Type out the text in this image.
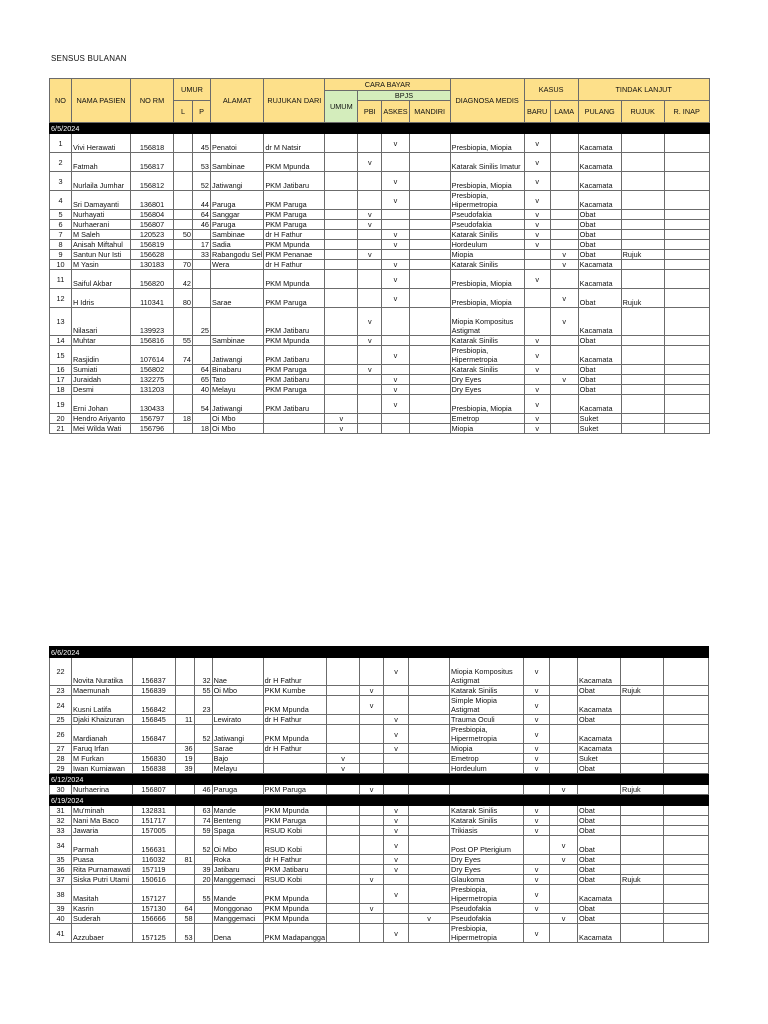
SENSUS BULANAN
NO	NAMA PASIEN	NO RM	UMUR		ALAMAT	RUJUKAN DARI	CARA BAYAR				DIAGNOSA MEDIS	KASUS		TINDAK LANJUT		
							UMUM	BPJS								
			L	P				PBI	ASKES	MANDIRI		BARU	LAMA	PULANG	RUJUK	R. INAP
6/5/2024																
1	Vivi Herawati	156818		45	Penatoi	dr M Natsir			v		Presbiopia, Miopia	v		Kacamata		
2	Fatmah	156817		53	Sambinae	PKM Mpunda		v			Katarak Sinilis Imatur	v		Kacamata		
3	Nurlaila Jumhar	156812		52	Jatiwangi	PKM Jatibaru			v		Presbiopia, Miopia	v		Kacamata		
4	Sri Damayanti	136801		44	Paruga	PKM Paruga			v		Presbiopia, Hipermetropia	v		Kacamata		
5	Nurhayati	156804		64	Sanggar	PKM Paruga		v			Pseudofakia	v		Obat		
6	Nurhaerani	156807		46	Paruga	PKM Paruga		v			Pseudofakia	v		Obat		
7	M Saleh	120523	50		Sambinae	dr H Fathur			v		Katarak Sinilis	v		Obat		
8	Anisah Miftahul	156819		17	Sadia	PKM Mpunda			v		Hordeulum	v		Obat		
9	Santun Nur Isti	156628		33	Rabangodu Sel	PKM Penanae		v			Miopia		v	Obat	Rujuk	
10	M Yasin	130183	70		Wera	dr H Fathur			v		Katarak Sinilis		v	Kacamata		
11	Saiful Akbar	156820	42			PKM Mpunda			v		Presbiopia, Miopia	v		Kacamata		
12	H Idris	110341	80		Sarae	PKM Paruga			v		Presbiopia, Miopia		v	Obat	Rujuk	
13	Nilasari	139923		25		PKM Jatibaru		v			Miopia Kompositus Astigmat		v	Kacamata		
14	Muhtar	156816	55		Sambinae	PKM Mpunda		v			Katarak Sinilis	v		Obat		
15	Rasjidin	107614	74		Jatiwangi	PKM Jatibaru			v		Presbiopia, Hipermetropia	v		Kacamata		
16	Sumiati	156802		64	Binabaru	PKM Paruga		v			Katarak Sinilis	v		Obat		
17	Juraidah	132275		65	Tato	PKM Jatibaru			v		Dry Eyes		v	Obat		
18	Desmi	131203		40	Melayu	PKM Paruga			v		Dry Eyes	v		Obat		
19	Erni Johan	130433		54	Jatiwangi	PKM Jatibaru			v		Presbiopia, Miopia	v		Kacamata		
20	Hendro Ariyanto	156797	18		Oi Mbo		v				Emetrop	v		Suket		
21	Mei Wilda Wati	156796		18	Oi Mbo		v				Miopia	v		Suket		
6/6/2024																
22	Novita Nuratika	156837		32	Nae	dr H Fathur			v		Miopia Kompositus Astigmat	v		Kacamata		
23	Maemunah	156839		55	Oi Mbo	PKM Kumbe		v			Katarak Sinilis	v		Obat	Rujuk	
24	Kusni Latifa	156842		23		PKM Mpunda		v			Simple Miopia Astigmat	v		Kacamata		
25	Djaki Khaizuran	156845	11		Lewirato	dr H Fathur			v		Trauma Oculi	v		Obat		
26	Mardianah	156847		52	Jatiwangi	PKM Mpunda			v		Presbiopia, Hipermetropia	v		Kacamata		
27	Faruq Irfan		36		Sarae	dr H Fathur			v		Miopia	v		Kacamata		
28	M Furkan	156830	19		Bajo		v				Emetrop	v		Suket		
29	Iwan Kurniawan	156838	39		Melayu		v				Hordeulum	v		Obat		
6/12/2024																
30	Nurhaerina	156807		46	Paruga	PKM Paruga		v					v		Rujuk	
6/19/2024																
31	Mu'minah	132831		63	Mande	PKM Mpunda			v		Katarak Sinilis	v		Obat		
32	Nani Ma Baco	151717		74	Benteng	PKM Paruga			v		Katarak Sinilis	v		Obat		
33	Jawaria	157005		59	Spaga	RSUD Kobi			v		Trikiasis	v		Obat		
34	Parmah	156631		52	Oi Mbo	RSUD Kobi			v		Post OP Pterigium		v	Obat		
35	Puasa	116032	81		Roka	dr H Fathur			v		Dry Eyes		v	Obat		
36	Rita Purnamawati	157119		39	Jatibaru	PKM Jatibaru			v		Dry Eyes	v		Obat		
37	Siska Putri Utami	150616		20	Manggemaci	RSUD Kobi		v			Glaukoma	v		Obat	Rujuk	
38	Masitah	157127		55	Mande	PKM Mpunda			v		Presbiopia, Hipermetropia	v		Kacamata		
39	Kasrin	157130	64		Monggonao	PKM Mpunda		v			Pseudofakia	v		Obat		
40	Suderah	156666	58		Manggemaci	PKM Mpunda				v	Pseudofakia		v	Obat		
41	Azzubaer	157125	53		Dena	PKM Madapangga			v		Presbiopia, Hipermetropia	v		Kacamata		
